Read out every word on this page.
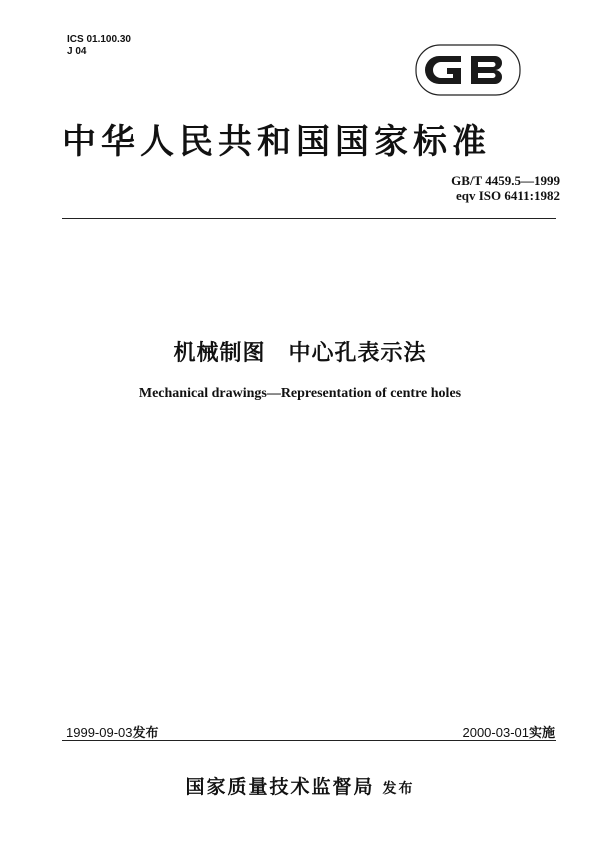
ICS 01.100.30
J 04
中华人民共和国国家标准
GB/T 4459.5—1999
eqv ISO 6411:1982
机械制图　中心孔表示法
Mechanical drawings—Representation of centre holes
1999-09-03发布	2000-03-01实施
国家质量技术监督局 发布
